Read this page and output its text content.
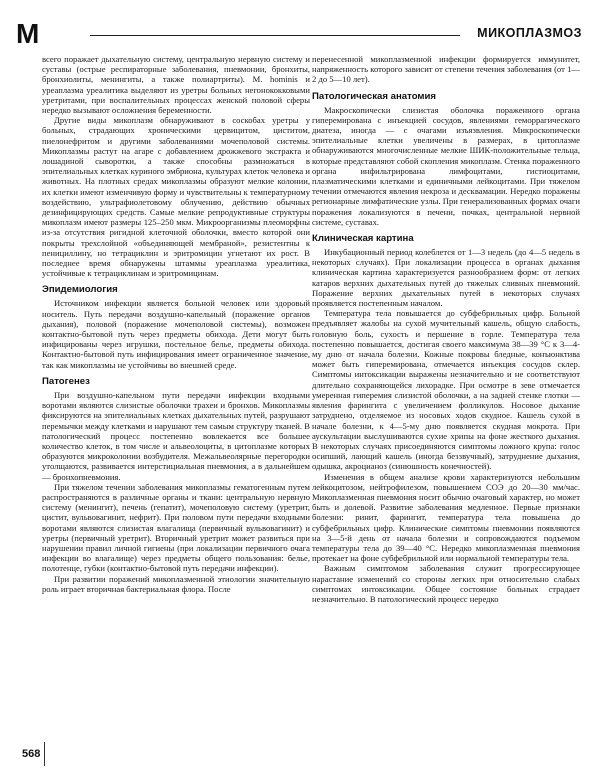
М	МИКОПЛАЗМОЗ

всего поражает дыхательную систему, центральную нервную систему и суставы (острые респираторные заболевания, пневмонии, бронхиты, бронхиолиты, менингиты, а также полиартриты). M. hominis и уреаплазма уреалитика выделяют из уретры больных негонококковыми уретритами, при воспалительных процессах женской половой сферы нередко вызывают осложнения беременности.

Другие виды микоплазм обнаруживают в соскобах уретры у больных, страдающих хроническими цервицитом, циститом, пиелонефритом и другими заболеваниями мочеполовой системы. Микоплазмы растут на агаре с добавлением дрожжевого экстракта и лошадиной сыворотки, а также способны размножаться в эпителиальных клетках куриного эмбриона, культурах клеток человека и животных. На плотных средах микоплазмы образуют мелкие колонии, их клетки имеют изменчивую форму и чувствительны к температурному воздействию, ультрафиолетовому облучению, действию обычных дезинфицирующих средств. Самые мелкие репродуктивные структуры микоплазм имеют размеры 125–250 мкм. Микроорганизмы плеоморфны из-за отсутствия ригидной клеточной оболочки, вместо которой они покрыты трехслойной «объединяющей мембраной», резистентны к пенициллину, но тетрациклин и эритромицин угнетают их рост. В последнее время обнаружены штаммы уреаплазма уреалитика, устойчивые к тетрациклинам и эритромицинам.

Эпидемиология

Источником инфекции является больной человек или здоровый носитель. Путь передачи воздушно-капельный (поражение органов дыхания), половой (поражение мочеполовой системы), возможен контактно-бытовой путь через предметы обихода. Дети могут быть инфицированы через игрушки, постельное белье, предметы обихода. Контактно-бытовой путь инфицирования имеет ограниченное значение, так как микоплазмы не устойчивы во внешней среде.

Патогенез

При воздушно-капельном пути передачи инфекции входными воротами являются слизистые оболочки трахеи и бронхов. Микоплазмы фиксируются на эпителиальных клетках дыхательных путей, разрушают перемычки между клетками и нарушают тем самым структуру тканей. В патологический процесс постепенно вовлекается все большее количество клеток, в том числе и альвеолоциты, в цитоплазме которых образуются микроколонии возбудителя. Межальвеолярные перегородки утолщаются, развивается интерстициальная пневмония, а в дальнейшем — бронхопневмония.

При тяжелом течении заболевания микоплазмы гематогенным путем распространяются в различные органы и ткани: центральную нервную систему (менингит), печень (гепатит), мочеполовую систему (уретрит, цистит, вульвовагинит, нефрит). При половом пути передачи входными воротами являются слизистая влагалища (первичный вульвовагинит) и уретры (первичный уретрит). Вторичный уретрит может развиться при нарушении правил личной гигиены (при локализации первичного очага инфекции во влагалище) через предметы общего пользования: белье, полотенце, губки (контактно-бытовой путь передачи инфекции).

При развитии поражений микоплазменной этиологии значительную роль играет вторичная бактериальная флора. После

перенесенной микоплазменной инфекции формируется иммунитет, напряженность которого зависит от степени течения заболевания (от 1—2 до 5—10 лет).

Патологическая анатомия

Макроскопически слизистая оболочка пораженного органа гиперемирована с инъекцией сосудов, явлениями геморрагического диатеза, иногда — с очагами изъязвления. Микроскопически эпителиальные клетки увеличены в размерах, в цитоплазме обнаруживаются многочисленные мелкие ШИК-положительные тельца, которые представляют собой скопления микоплазм. Стенка пораженного органа инфильтрирована лимфоцитами, гистиоцитами, плазматическими клетками и единичными лейкоцитами. При тяжелом течении отмечаются явления некроза и десквамации. Нередко поражены регионарные лимфатические узлы. При генерализованных формах очаги поражения локализуются в печени, почках, центральной нервной системе, суставах.

Клиническая картина

Инкубационный период колеблется от 1—3 недель (до 4—5 недель в некоторых случаях). При локализации процесса в органах дыхания клиническая картина характеризуется разнообразием форм: от легких катаров верхних дыхательных путей до тяжелых сливных пневмоний. Поражение верхних дыхательных путей в некоторых случаях проявляется постепенным началом.

Температура тела повышается до субфебрильных цифр. Больной предъявляет жалобы на сухой мучительный кашель, общую слабость, головную боль, сухость и першение в горле. Температура тела постепенно повышается, достигая своего максимума 38—39 °С к 3—4-му дню от начала болезни. Кожные покровы бледные, конъюнктива может быть гиперемирована, отмечается инъекция сосудов склер. Симптомы интоксикации выражены незначительно и не соответствуют длительно сохраняющейся лихорадке. При осмотре в зеве отмечается умеренная гиперемия слизистой оболочки, а на задней стенке глотки — явления фарингита с увеличением фолликулов. Носовое дыхание затруднено, отделяемое из носовых ходов скудное. Кашель сухой в начале болезни, к 4—5-му дню появляется скудная мокрота. При аускультации выслушиваются сухие хрипы на фоне жесткого дыхания. В некоторых случаях присоединяются симптомы ложного крупа: голос осипший, лающий кашель (иногда беззвучный), затруднение дыхания, одышка, акроцианоз (синюшность конечностей).

Изменения в общем анализе крови характеризуются небольшим лейкоцитозом, нейтрофилезом, повышением СОЭ до 20—30 мм/час. Микоплазменная пневмония носит обычно очаговый характер, но может быть и долевой. Развитие заболевания медленное. Первые признаки болезни: ринит, фарингит, температура тела повышена до субфебрильных цифр. Клинические симптомы пневмонии появляются на 3—5-й день от начала болезни и сопровождаются подъемом температуры тела до 39—40 °С. Нередко микоплазменная пневмония протекает на фоне субфебрильной или нормальной температуры тела.

Важным симптомом заболевания служит прогрессирующее нарастание изменений со стороны легких при относительно слабых симптомах интоксикации. Общее состояние больных страдает незначительно. В патологический процесс нередко

568
